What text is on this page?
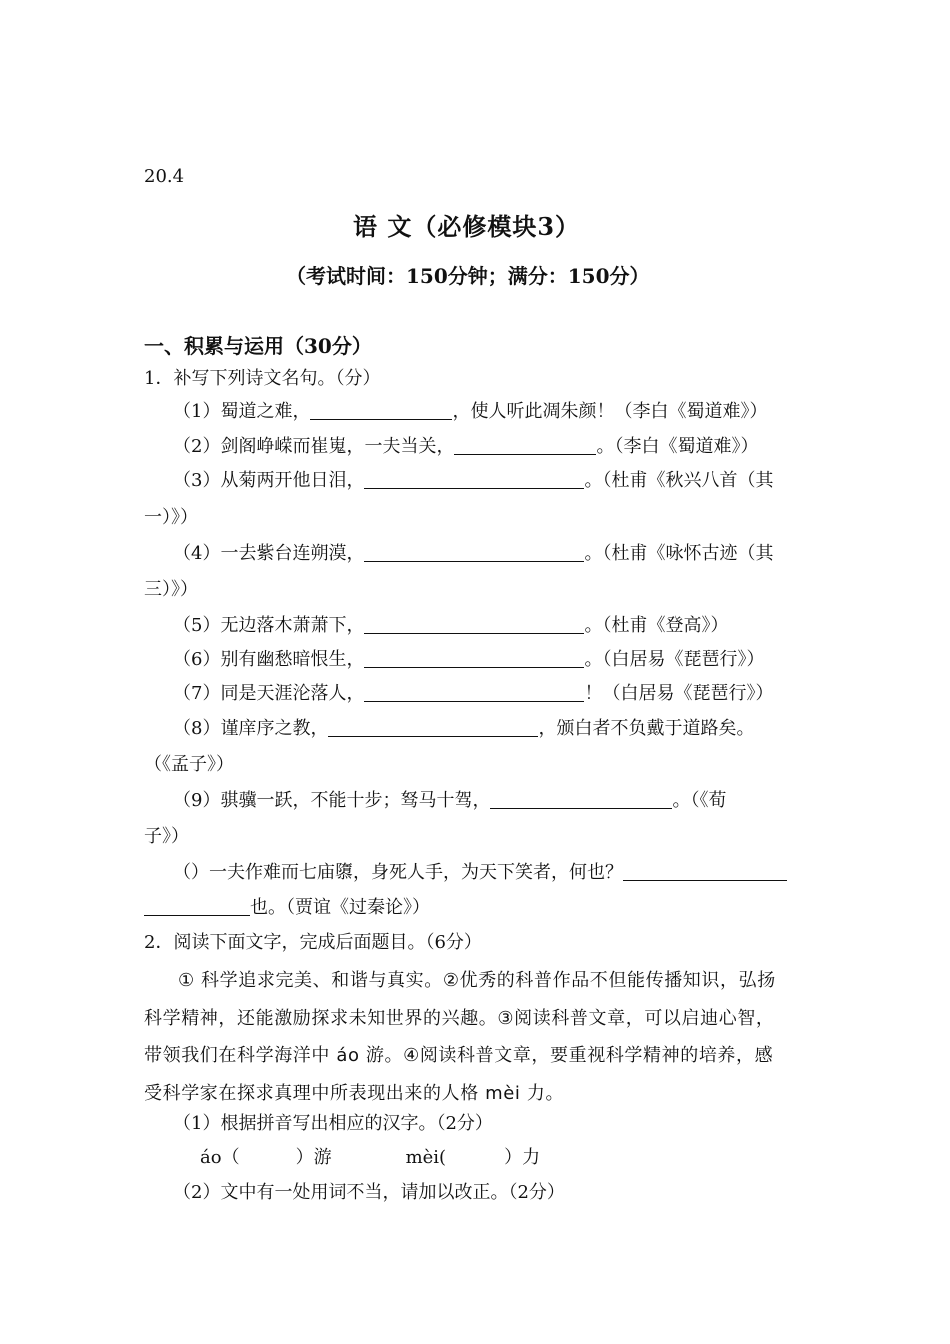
20.4
语 文（必修模块3）
（考试时间：150分钟；满分：150分）
一、积累与运用（30分）
1．补写下列诗文名句。（分）
（1）蜀道之难，	，使人听此凋朱颜！（李白《蜀道难》）
（2）剑阁峥嵘而崔嵬，一夫当关，	。（李白《蜀道难》）
（3）从菊两开他日泪，	。（杜甫《秋兴八首（其
一）》）
（4）一去紫台连朔漠，	。（杜甫《咏怀古迹（其
三）》）
（5）无边落木萧萧下，	。（杜甫《登高》）
（6）别有幽愁暗恨生，	。（白居易《琵琶行》）
（7）同是天涯沦落人，	！（白居易《琵琶行》）
（8）谨庠序之教，	，颁白者不负戴于道路矣。
（《孟子》）
（9）骐骥一跃，不能十步；驽马十驾，	。（《荀
子》）
（）一夫作难而七庙隳，身死人手，为天下笑者，何也？
也。（贾谊《过秦论》）
2．阅读下面文字，完成后面题目。（6分）
① 科学追求完美、和谐与真实。②优秀的科普作品不但能传播知识，弘扬
科学精神，还能激励探求未知世界的兴趣。③阅读科普文章，可以启迪心智，
带领我们在科学海洋中 áo 游。④阅读科普文章，要重视科学精神的培养，感
受科学家在探求真理中所表现出来的人格 mèi 力。
（1）根据拼音写出相应的汉字。（2分）
áo（	）游	mèi(	）力
（2）文中有一处用词不当，请加以改正。（2分）
